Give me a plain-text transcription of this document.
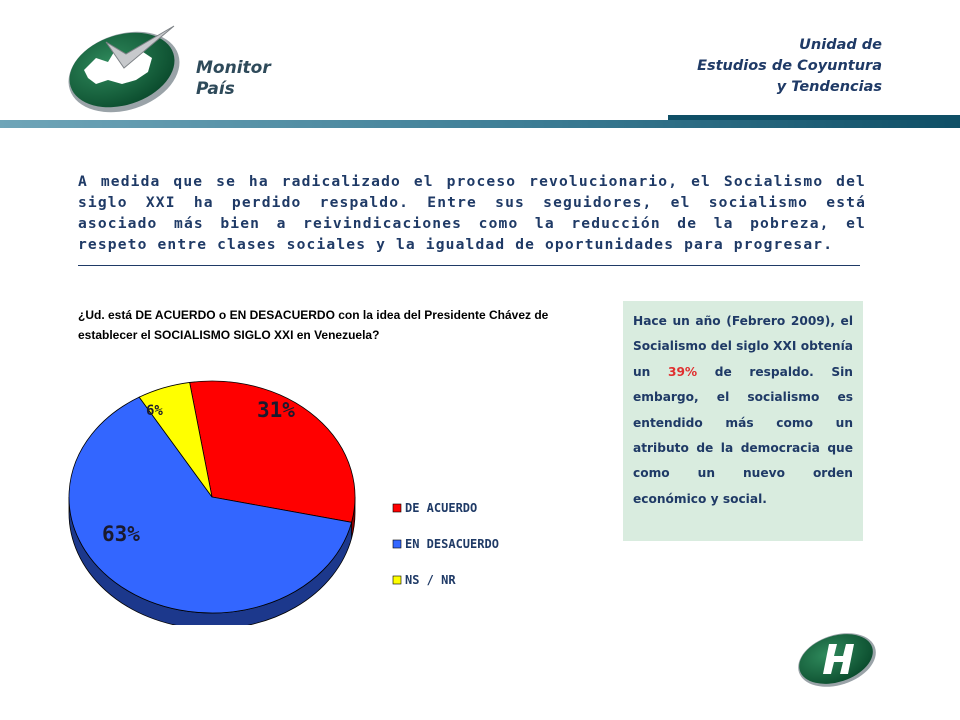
Monitor
País
Unidad de
Estudios de Coyuntura
y Tendencias
A medida que se ha radicalizado el proceso revolucionario, el Socialismo del siglo XXI ha perdido respaldo. Entre sus seguidores, el socialismo está asociado más bien a reivindicaciones como la reducción de la pobreza, el respeto entre clases sociales y la igualdad de oportunidades para progresar.
¿Ud. está DE ACUERDO o EN DESACUERDO con la idea del Presidente Chávez de establecer el SOCIALISMO SIGLO XXI en Venezuela?
31%
63%
6%
DE ACUERDO
EN DESACUERDO
NS / NR
Hace un año (Febrero 2009), el Socialismo del siglo XXI obtenía un 39% de respaldo. Sin embargo, el socialismo es entendido más como un atributo de la democracia que como un nuevo orden económico y social.
